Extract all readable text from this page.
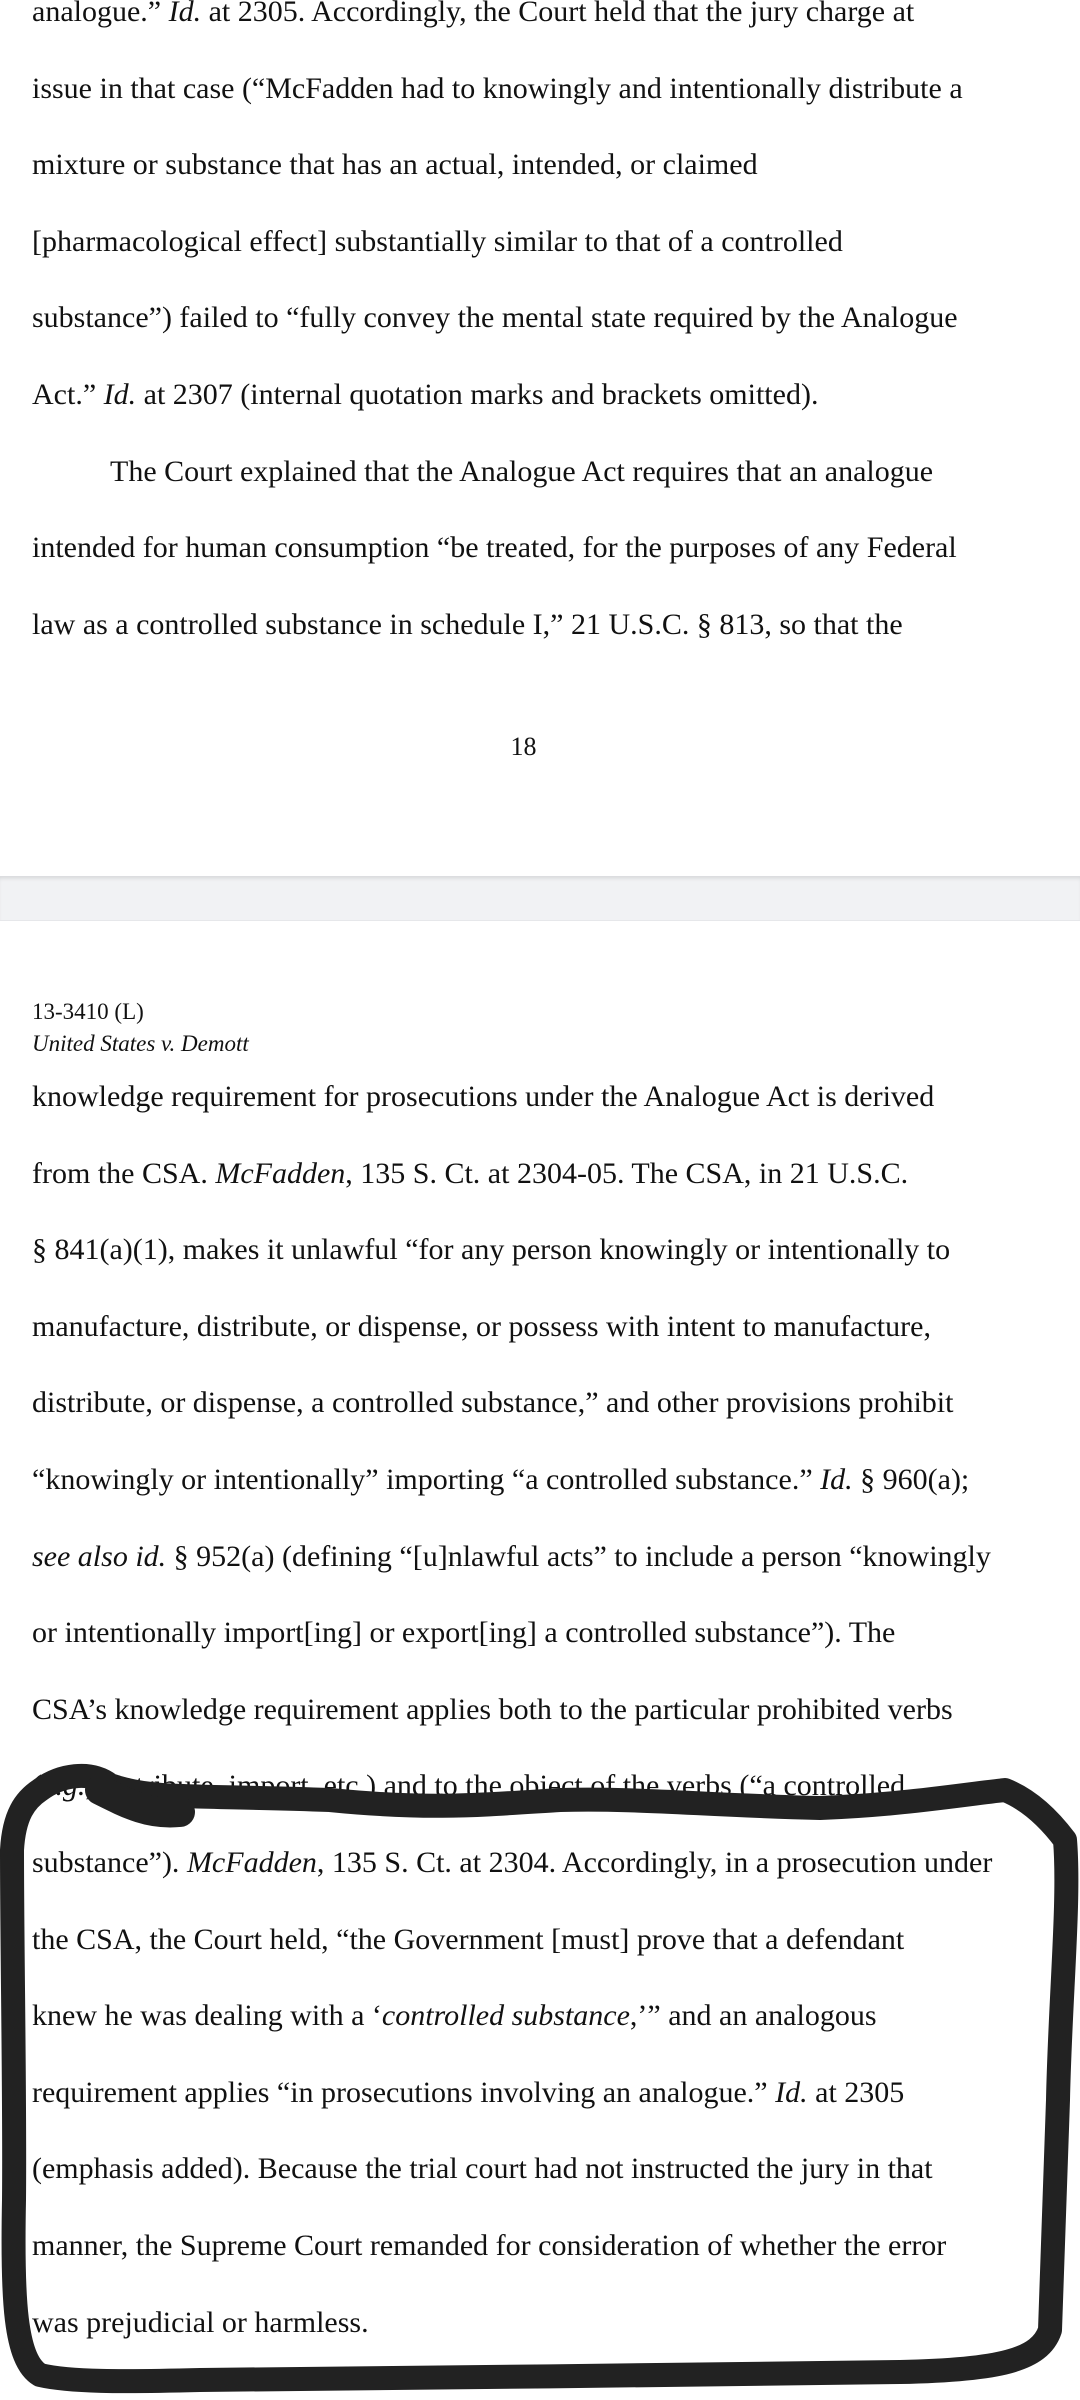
analogue.” Id. at 2305. Accordingly, the Court held that the jury charge at
issue in that case (“McFadden had to knowingly and intentionally distribute a
mixture or substance that has an actual, intended, or claimed
[pharmacological effect] substantially similar to that of a controlled
substance”) failed to “fully convey the mental state required by the Analogue
Act.” Id. at 2307 (internal quotation marks and brackets omitted).
The Court explained that the Analogue Act requires that an analogue
intended for human consumption “be treated, for the purposes of any Federal
law as a controlled substance in schedule I,” 21 U.S.C. § 813, so that the
18
13-3410 (L)
United States v. Demott
knowledge requirement for prosecutions under the Analogue Act is derived
from the CSA. McFadden, 135 S. Ct. at 2304-05. The CSA, in 21 U.S.C.
§ 841(a)(1), makes it unlawful “for any person knowingly or intentionally to
manufacture, distribute, or dispense, or possess with intent to manufacture,
distribute, or dispense, a controlled substance,” and other provisions prohibit
“knowingly or intentionally” importing “a controlled substance.” Id. § 960(a);
see also id. § 952(a) (defining “[u]nlawful acts” to include a person “knowingly
or intentionally import[ing] or export[ing] a controlled substance”). The
CSA’s knowledge requirement applies both to the particular prohibited verbs
(e.g., distribute, import, etc.) and to the object of the verbs (“a controlled
substance”). McFadden, 135 S. Ct. at 2304. Accordingly, in a prosecution under
the CSA, the Court held, “the Government [must] prove that a defendant
knew he was dealing with a ‘controlled substance,’” and an analogous
requirement applies “in prosecutions involving an analogue.” Id. at 2305
(emphasis added). Because the trial court had not instructed the jury in that
manner, the Supreme Court remanded for consideration of whether the error
was prejudicial or harmless.
